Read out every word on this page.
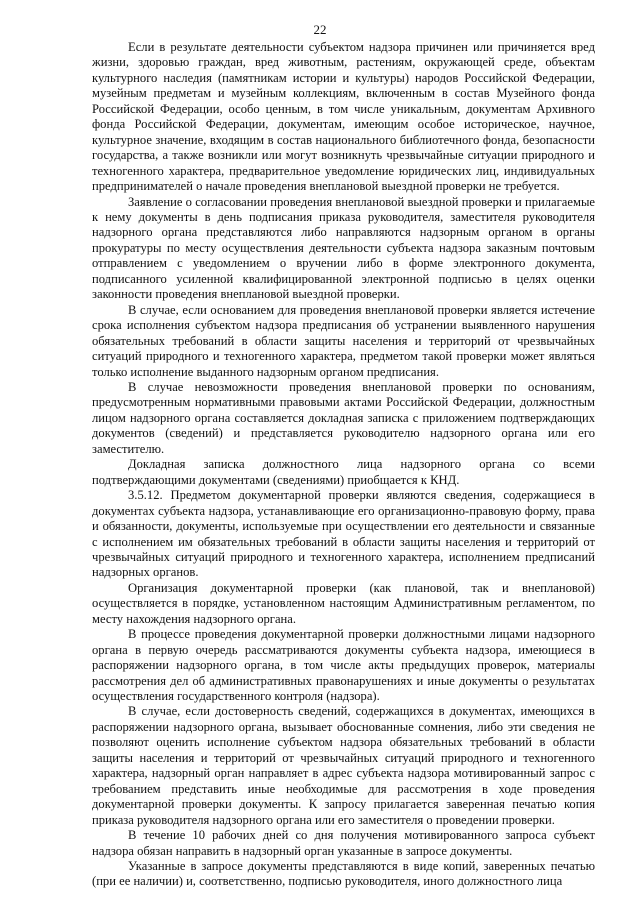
22

Если в результате деятельности субъектом надзора причинен или причиняется вред жизни, здоровью граждан, вред животным, растениям, окружающей среде, объектам культурного наследия (памятникам истории и культуры) народов Российской Федерации, музейным предметам и музейным коллекциям, включенным в состав Музейного фонда Российской Федерации, особо ценным, в том числе уникальным, документам Архивного фонда Российской Федерации, документам, имеющим особое историческое, научное, культурное значение, входящим в состав национального библиотечного фонда, безопасности государства, а также возникли или могут возникнуть чрезвычайные ситуации природного и техногенного характера, предварительное уведомление юридических лиц, индивидуальных предпринимателей о начале проведения внеплановой выездной проверки не требуется.

Заявление о согласовании проведения внеплановой выездной проверки и прилагаемые к нему документы в день подписания приказа руководителя, заместителя руководителя надзорного органа представляются либо направляются надзорным органом в органы прокуратуры по месту осуществления деятельности субъекта надзора заказным почтовым отправлением с уведомлением о вручении либо в форме электронного документа, подписанного усиленной квалифицированной электронной подписью в целях оценки законности проведения внеплановой выездной проверки.

В случае, если основанием для проведения внеплановой проверки является истечение срока исполнения субъектом надзора предписания об устранении выявленного нарушения обязательных требований в области защиты населения и территорий от чрезвычайных ситуаций природного и техногенного характера, предметом такой проверки может являться только исполнение выданного надзорным органом предписания.

В случае невозможности проведения внеплановой проверки по основаниям, предусмотренным нормативными правовыми актами Российской Федерации, должностным лицом надзорного органа составляется докладная записка с приложением подтверждающих документов (сведений) и представляется руководителю надзорного органа или его заместителю.

Докладная записка должностного лица надзорного органа со всеми подтверждающими документами (сведениями) приобщается к КНД.

3.5.12. Предметом документарной проверки являются сведения, содержащиеся в документах субъекта надзора, устанавливающие его организационно-правовую форму, права и обязанности, документы, используемые при осуществлении его деятельности и связанные с исполнением им обязательных требований в области защиты населения и территорий от чрезвычайных ситуаций природного и техногенного характера, исполнением предписаний надзорных органов.

Организация документарной проверки (как плановой, так и внеплановой) осуществляется в порядке, установленном настоящим Административным регламентом, по месту нахождения надзорного органа.

В процессе проведения документарной проверки должностными лицами надзорного органа в первую очередь рассматриваются документы субъекта надзора, имеющиеся в распоряжении надзорного органа, в том числе акты предыдущих проверок, материалы рассмотрения дел об административных правонарушениях и иные документы о результатах осуществления государственного контроля (надзора).

В случае, если достоверность сведений, содержащихся в документах, имеющихся в распоряжении надзорного органа, вызывает обоснованные сомнения, либо эти сведения не позволяют оценить исполнение субъектом надзора обязательных требований в области защиты населения и территорий от чрезвычайных ситуаций природного и техногенного характера, надзорный орган направляет в адрес субъекта надзора мотивированный запрос с требованием представить иные необходимые для рассмотрения в ходе проведения документарной проверки документы. К запросу прилагается заверенная печатью копия приказа руководителя надзорного органа или его заместителя о проведении проверки.

В течение 10 рабочих дней со дня получения мотивированного запроса субъект надзора обязан направить в надзорный орган указанные в запросе документы.

Указанные в запросе документы представляются в виде копий, заверенных печатью (при ее наличии) и, соответственно, подписью руководителя, иного должностного лица
